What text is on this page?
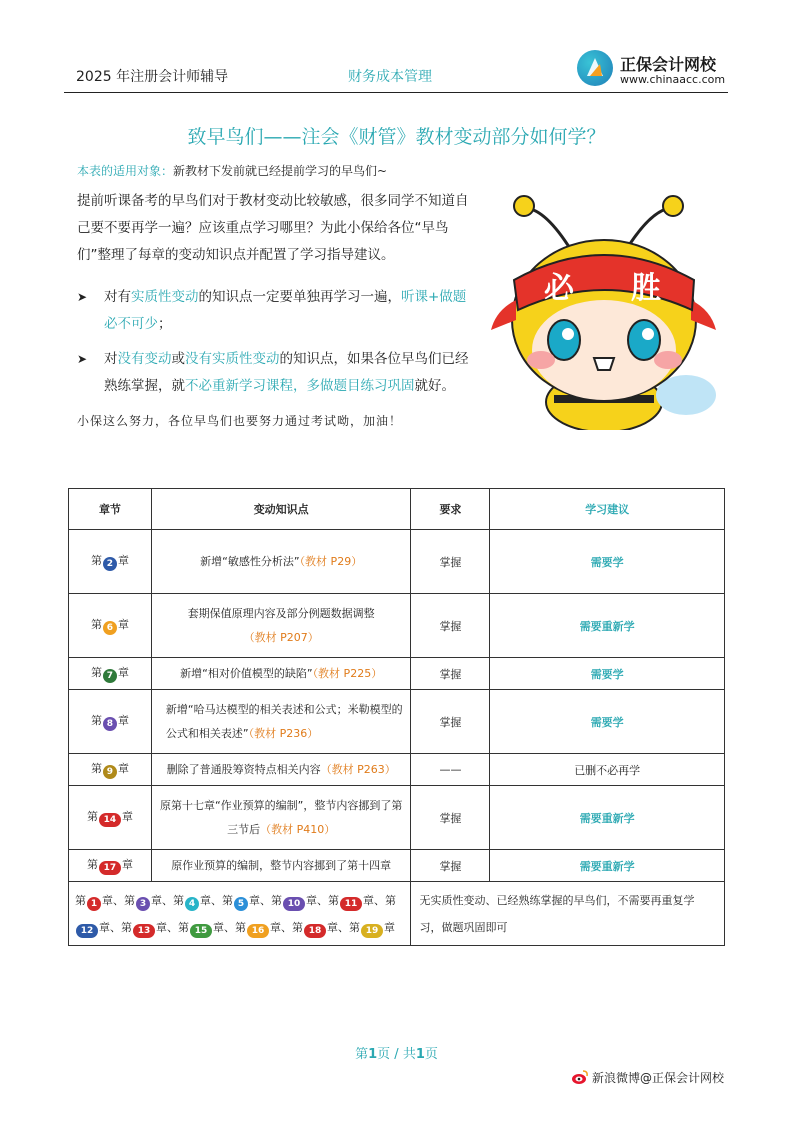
2025 年注册会计师辅导	财务成本管理
正保会计网校
www.chinaacc.com
致早鸟们——注会《财管》教材变动部分如何学？
本表的适用对象：新教材下发前就已经提前学习的早鸟们~

提前听课备考的早鸟们对于教材变动比较敏感，很多同学不知道自己要不要再学一遍？应该重点学习哪里？为此小保给各位“早鸟们”整理了每章的变动知识点并配置了学习指导建议。

➤ 对有实质性变动的知识点一定要单独再学习一遍，听课+做题必不可少；
➤ 对没有变动或没有实质性变动的知识点，如果各位早鸟们已经熟练掌握，就不必重新学习课程，多做题目练习巩固就好。
小保这么努力，各位早鸟们也要努力通过考试呦，加油！
必 胜
章节	变动知识点	要求	学习建议
第 2 章	新增“敏感性分析法”（教材 P29）	掌握	需要学
第 6 章	套期保值原理内容及部分例题数据调整
（教材 P207）	掌握	需要重新学
第 7 章	新增“相对价值模型的缺陷”（教材 P225）	掌握	需要学
第 8 章	新增“哈马达模型的相关表述和公式；米勒模型的公式和相关表述”（教材 P236）	掌握	需要学
第 9 章	删除了普通股筹资特点相关内容（教材 P263）	——	已删不必再学
第 14 章	原第十七章“作业预算的编制”，整节内容挪到了第三节后（教材 P410）	掌握	需要重新学
第 17 章	原作业预算的编制，整节内容挪到了第十四章	掌握	需要重新学
第 1 章、第 3 章、第 4 章、第 5 章、第 10 章、第 11 章、第12 章、第 13 章、第 15 章、第 16 章、第 18 章、第 19 章		无实质性变动、已经熟练掌握的早鸟们，不需要再重复学习，做题巩固即可	
第1页 / 共1页
新浪微博@正保会计网校
